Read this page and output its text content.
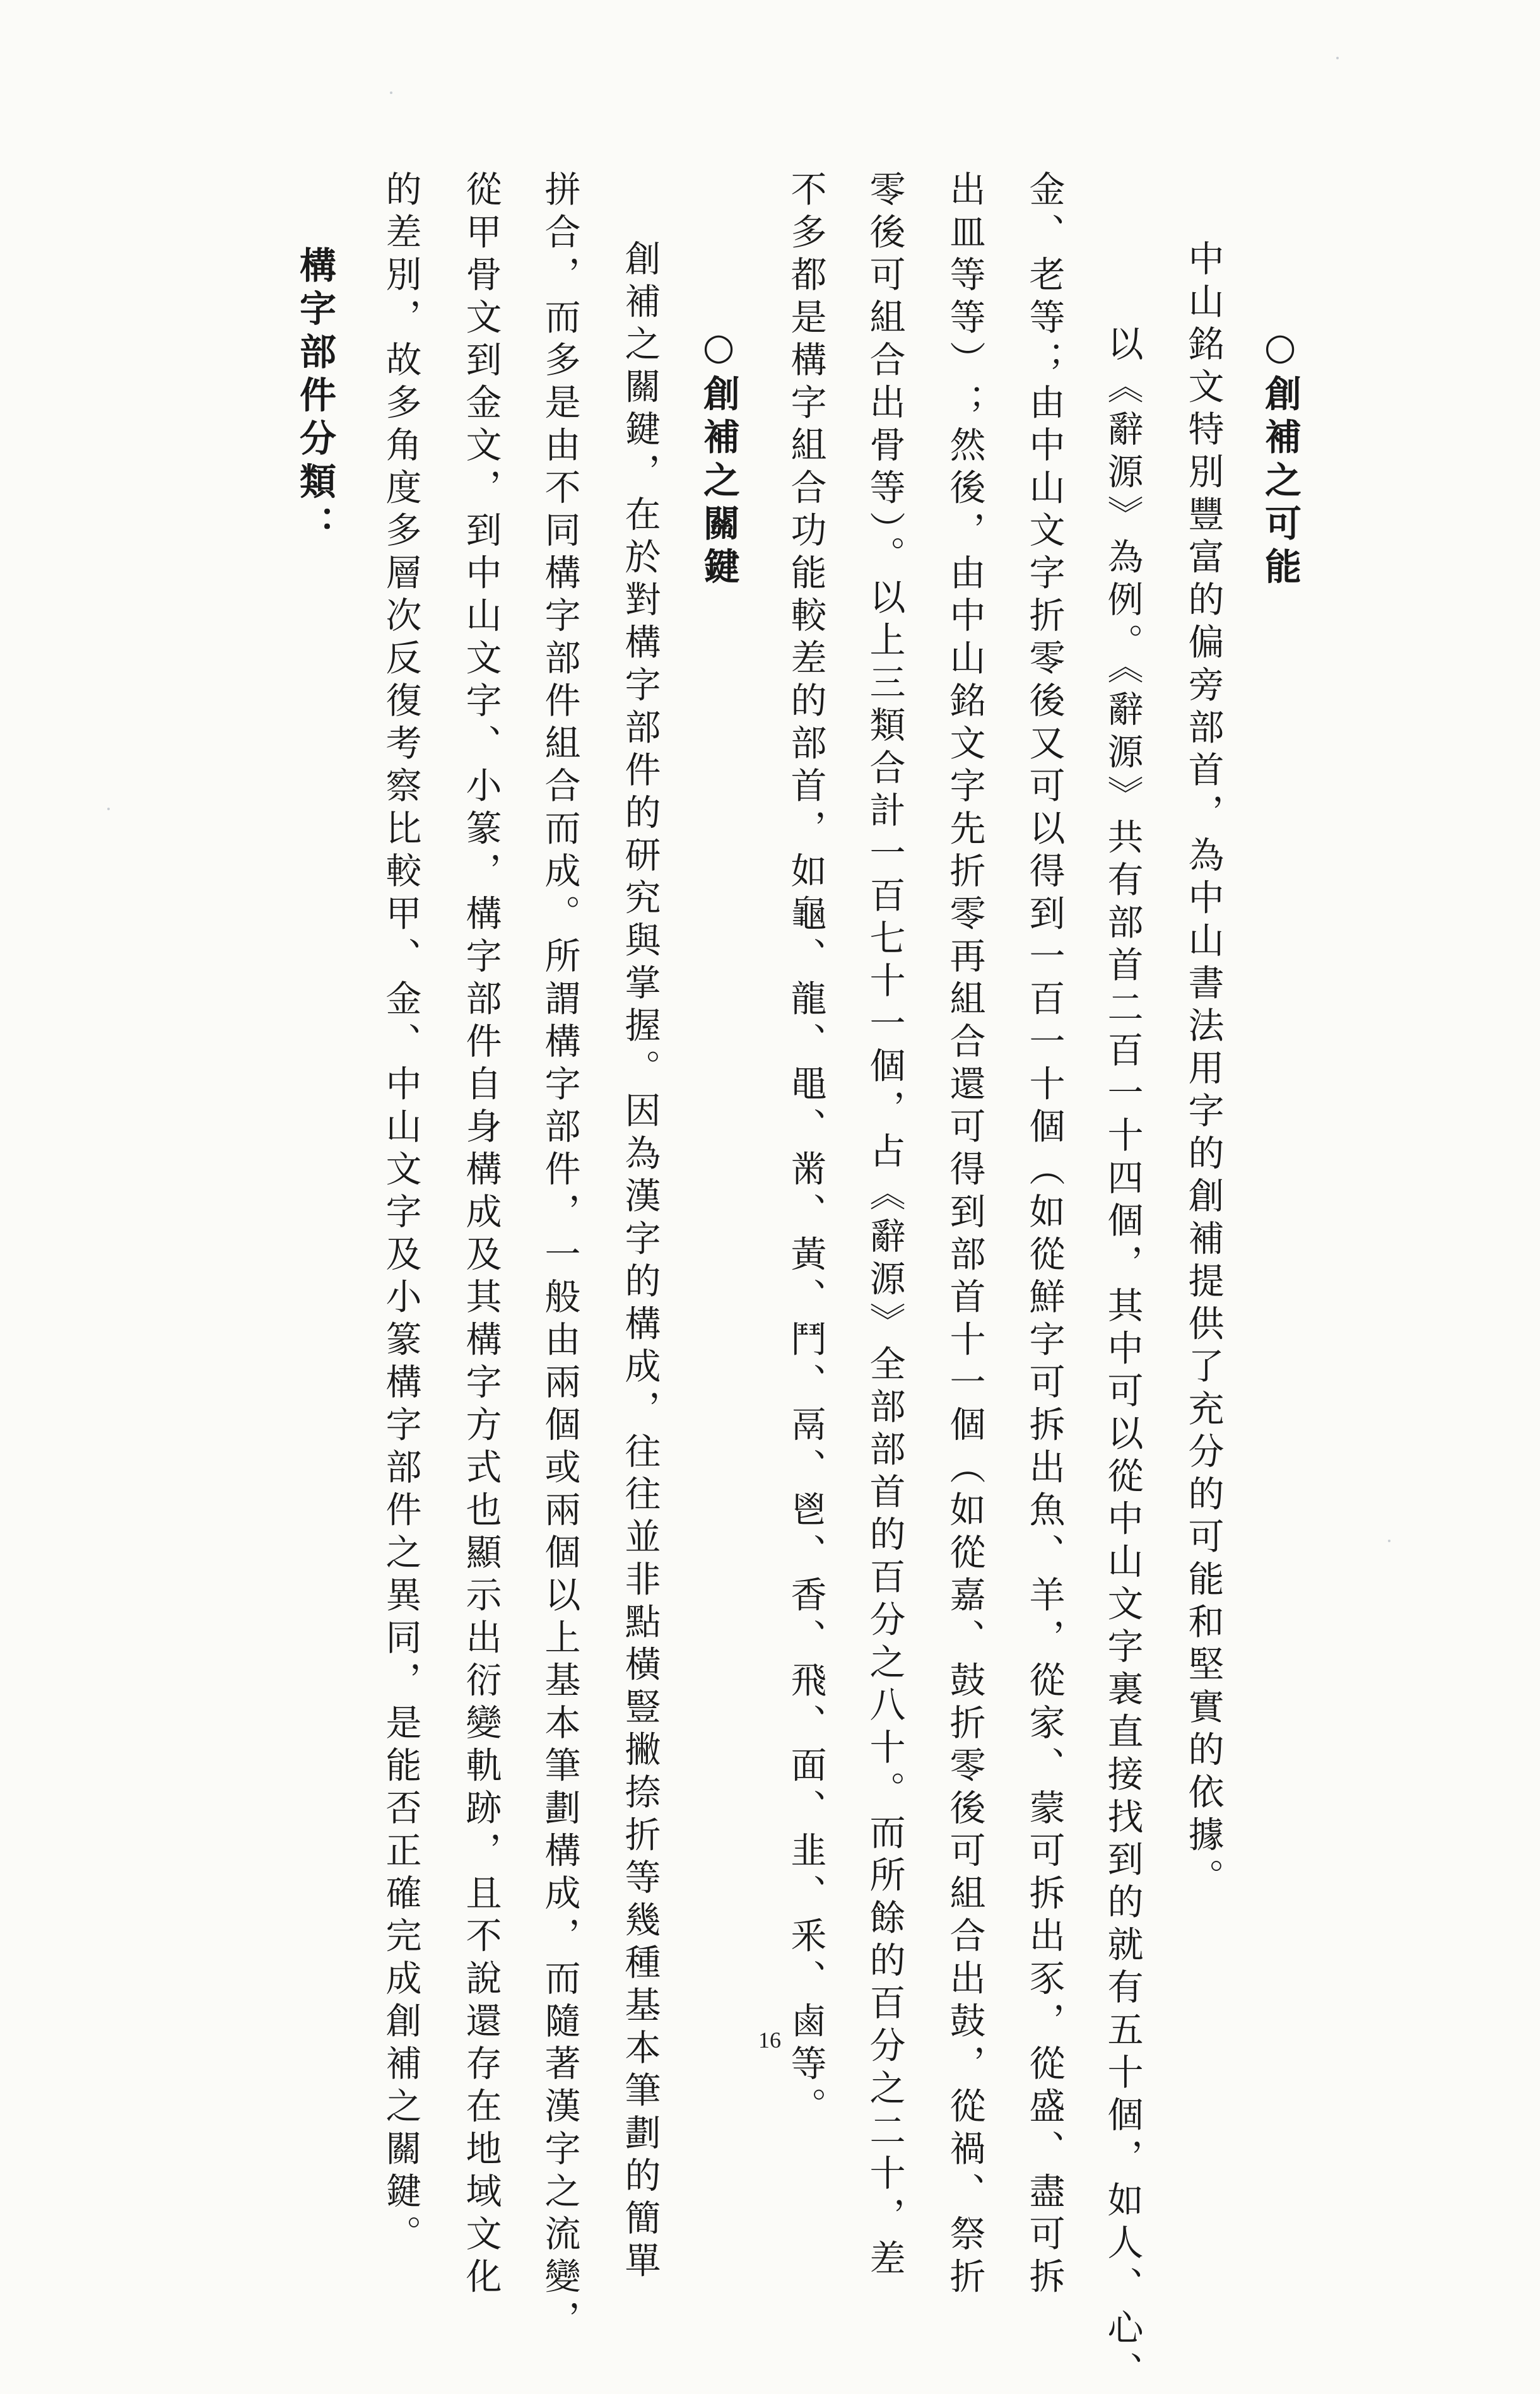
○創補之可能
中山銘文特別豐富的偏旁部首，為中山書法用字的創補提供了充分的可能和堅實的依據。
以《辭源》為例。《辭源》共有部首二百一十四個，其中可以從中山文字裏直接找到的就有五十個，如人、心、
金、老等；由中山文字折零後又可以得到一百一十個（如從鮮字可拆出魚、羊，從家、蒙可拆出豕，從盛、盡可拆
出皿等等）；然後，由中山銘文字先折零再組合還可得到部首十一個（如從嘉、鼓折零後可組合出鼓，從禍、祭折
零後可組合出骨等）。以上三類合計一百七十一個，占《辭源》全部部首的百分之八十。而所餘的百分之二十，差
不多都是構字組合功能較差的部首，如龜、龍、黽、黹、黃、鬥、鬲、鬯、香、飛、面、韭、釆、鹵等。
○創補之關鍵
創補之關鍵，在於對構字部件的研究與掌握。因為漢字的構成，往往並非點橫豎撇捺折等幾種基本筆劃的簡單
拼合，而多是由不同構字部件組合而成。所謂構字部件，一般由兩個或兩個以上基本筆劃構成，而隨著漢字之流變，
從甲骨文到金文，到中山文字、小篆，構字部件自身構成及其構字方式也顯示出衍變軌跡，且不說還存在地域文化
的差別，故多角度多層次反復考察比較甲、金、中山文字及小篆構字部件之異同，是能否正確完成創補之關鍵。
構字部件分類：
16
